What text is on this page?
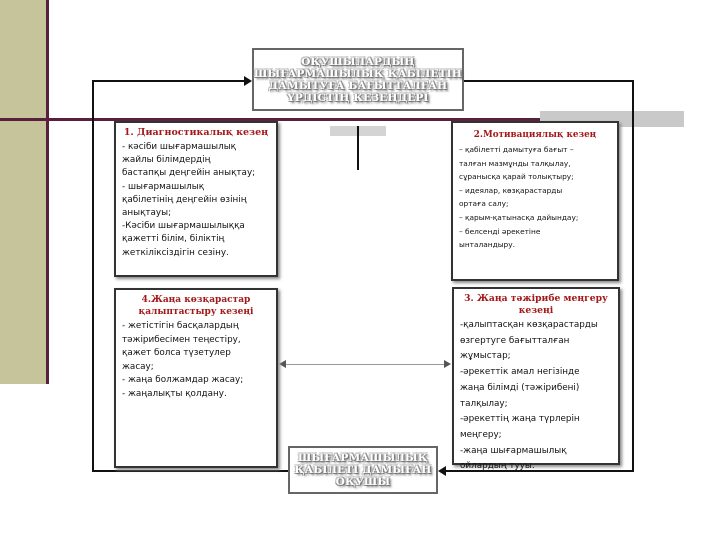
ОҚУШЫЛАРДЫҢ
ШЫҒАРМАШЫЛЫҚ ҚАБІЛЕТІН
ДАМЫТУҒА БАҒЫТТАЛҒАН
ҮРДІСТІҢ КЕЗЕҢДЕРІ
1. Диагностикалық кезең
- кәсіби шығармашылық
жайлы білімдердің
бастапқы деңгейін анықтау;
- шығармашылық
қабілетінің деңгейін өзінің
анықтауы;
-Кәсіби шығармашылыққа
қажетті білім, біліктің
жеткіліксіздігін сезіну.
2.Мотивациялық кезең
– қабілетті дамытуға бағыт –
талған мазмұнды талқылау,
сұранысқа қарай толықтыру;
– идеялар, көзқарастарды
ортаға салу;
– қарым-қатынасқа дайындау;
– белсенді әрекетіне
ынталандыру.
4.Жаңа көзқарастар
қалыптастыру кезеңі
- жетістігін басқалардың
тәжірибесімен теңестіру,
қажет болса түзетулер
жасау;
- жаңа болжамдар жасау;
- жаңалықты қолдану.
3. Жаңа тәжірибе меңгеру
кезеңі
-қалыптасқан көзқарастарды
өзгертуге бағытталған
жұмыстар;
-әрекеттік амал негізінде
жаңа білімді (тәжірибені)
талқылау;
-әрекеттің жаңа түрлерін
меңгеру;
-жаңа шығармашылық
ойлардың тууы.
ШЫҒАРМАШЫЛЫҚ
ҚАБІЛЕТІ ДАМЫҒАН
ОҚУШЫ
